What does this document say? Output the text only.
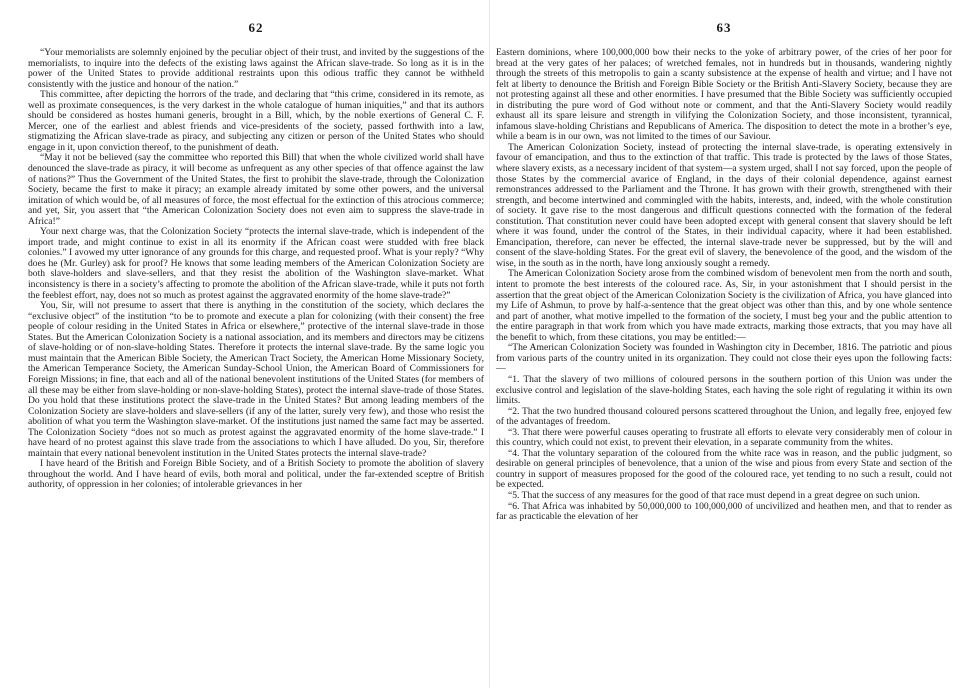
62

“Your memorialists are solemnly enjoined by the peculiar object of their trust, and invited by the suggestions of the memorialists, to inquire into the defects of the existing laws against the African slave-trade. So long as it is in the power of the United States to provide additional restraints upon this odious traffic they cannot be withheld consistently with the justice and honour of the nation.”

This committee, after depicting the horrors of the trade, and declaring that “this crime, considered in its remote, as well as proximate consequences, is the very darkest in the whole catalogue of human iniquities,” and that its authors should be considered as hostes humani generis, brought in a Bill, which, by the noble exertions of General C. F. Mercer, one of the earliest and ablest friends and vice-presidents of the society, passed forthwith into a law, stigmatizing the African slave-trade as piracy, and subjecting any citizen or person of the United States who should engage in it, upon conviction thereof, to the punishment of death.

“May it not be believed (say the committee who reported this Bill) that when the whole civilized world shall have denounced the slave-trade as piracy, it will become as unfrequent as any other species of that offence against the law of nations?” Thus the Government of the United States, the first to prohibit the slave-trade, through the Colonization Society, became the first to make it piracy; an example already imitated by some other powers, and the universal imitation of which would be, of all measures of force, the most effectual for the extinction of this atrocious commerce; and yet, Sir, you assert that “the American Colonization Society does not even aim to suppress the slave-trade in Africa!”

Your next charge was, that the Colonization Society “protects the internal slave-trade, which is independent of the import trade, and might continue to exist in all its enormity if the African coast were studded with free black colonies.” I avowed my utter ignorance of any grounds for this charge, and requested proof. What is your reply? “Why does he (Mr. Gurley) ask for proof? He knows that some leading members of the American Colonization Society are both slave-holders and slave-sellers, and that they resist the abolition of the Washington slave-market. What inconsistency is there in a society’s affecting to promote the abolition of the African slave-trade, while it puts not forth the feeblest effort, nay, does not so much as protest against the aggravated enormity of the home slave-trade?”

You, Sir, will not presume to assert that there is anything in the constitution of the society, which declares the “exclusive object” of the institution “to be to promote and execute a plan for colonizing (with their consent) the free people of colour residing in the United States in Africa or elsewhere,” protective of the internal slave-trade in those States. But the American Colonization Society is a national association, and its members and directors may be citizens of slave-holding or of non-slave-holding States. Therefore it protects the internal slave-trade. By the same logic you must maintain that the American Bible Society, the American Tract Society, the American Home Missionary Society, the American Temperance Society, the American Sunday-School Union, the American Board of Commissioners for Foreign Missions; in fine, that each and all of the national benevolent institutions of the United States (for members of all these may be either from slave-holding or non-slave-holding States), protect the internal slave-trade of those States. Do you hold that these institutions protect the slave-trade in the United States? But among leading members of the Colonization Society are slave-holders and slave-sellers (if any of the latter, surely very few), and those who resist the abolition of what you term the Washington slave-market. Of the institutions just named the same fact may be asserted. The Colonization Society “does not so much as protest against the aggravated enormity of the home slave-trade.” I have heard of no protest against this slave trade from the associations to which I have alluded. Do you, Sir, therefore maintain that every national benevolent institution in the United States protects the internal slave-trade?

I have heard of the British and Foreign Bible Society, and of a British Society to promote the abolition of slavery throughout the world. And I have heard of evils, both moral and political, under the far-extended sceptre of British authority, of oppression in her colonies; of intolerable grievances in her

63

Eastern dominions, where 100,000,000 bow their necks to the yoke of arbitrary power, of the cries of her poor for bread at the very gates of her palaces; of wretched females, not in hundreds but in thousands, wandering nightly through the streets of this metropolis to gain a scanty subsistence at the expense of health and virtue; and I have not felt at liberty to denounce the British and Foreign Bible Society or the British Anti-Slavery Society, because they are not protesting against all these and other enormities. I have presumed that the Bible Society was sufficiently occupied in distributing the pure word of God without note or comment, and that the Anti-Slavery Society would readily exhaust all its spare leisure and strength in vilifying the Colonization Society, and those inconsistent, tyrannical, infamous slave-holding Christians and Republicans of America. The disposition to detect the mote in a brother’s eye, while a beam is in our own, was not limited to the times of our Saviour.

The American Colonization Society, instead of protecting the internal slave-trade, is operating extensively in favour of emancipation, and thus to the extinction of that traffic. This trade is protected by the laws of those States, where slavery exists, as a necessary incident of that system—a system urged, shall I not say forced, upon the people of those States by the commercial avarice of England, in the days of their colonial dependence, against earnest remonstrances addressed to the Parliament and the Throne. It has grown with their growth, strengthened with their strength, and become intertwined and commingled with the habits, interests, and, indeed, with the whole constitution of society. It gave rise to the most dangerous and difficult questions connected with the formation of the federal constitution. That constitution never could have been adopted except with general consent that slavery should be left where it was found, under the control of the States, in their individual capacity, where it had been established. Emancipation, therefore, can never be effected, the internal slave-trade never be suppressed, but by the will and consent of the slave-holding States. For the great evil of slavery, the benevolence of the good, and the wisdom of the wise, in the south as in the north, have long anxiously sought a remedy.

The American Colonization Society arose from the combined wisdom of benevolent men from the north and south, intent to promote the best interests of the coloured race. As, Sir, in your astonishment that I should persist in the assertion that the great object of the American Colonization Society is the civilization of Africa, you have glanced into my Life of Ashmun, to prove by half-a-sentence that the great object was other than this, and by one whole sentence and part of another, what motive impelled to the formation of the society, I must beg your and the public attention to the entire paragraph in that work from which you have made extracts, marking those extracts, that you may have all the benefit to which, from these citations, you may be entitled:—

“The American Colonization Society was founded in Washington city in December, 1816. The patriotic and pious from various parts of the country united in its organization. They could not close their eyes upon the following facts:—

“1. That the slavery of two millions of coloured persons in the southern portion of this Union was under the exclusive control and legislation of the slave-holding States, each having the sole right of regulating it within its own limits.

“2. That the two hundred thousand coloured persons scattered throughout the Union, and legally free, enjoyed few of the advantages of freedom.

“3. That there were powerful causes operating to frustrate all efforts to elevate very considerably men of colour in this country, which could not exist, to prevent their elevation, in a separate community from the whites.

“4. That the voluntary separation of the coloured from the white race was in reason, and the public judgment, so desirable on general principles of benevolence, that a union of the wise and pious from every State and section of the country in support of measures proposed for the good of the coloured race, yet tending to no such a result, could not be expected.

“5. That the success of any measures for the good of that race must depend in a great degree on such union.

“6. That Africa was inhabited by 50,000,000 to 100,000,000 of uncivilized and heathen men, and that to render as far as practicable the elevation of her
